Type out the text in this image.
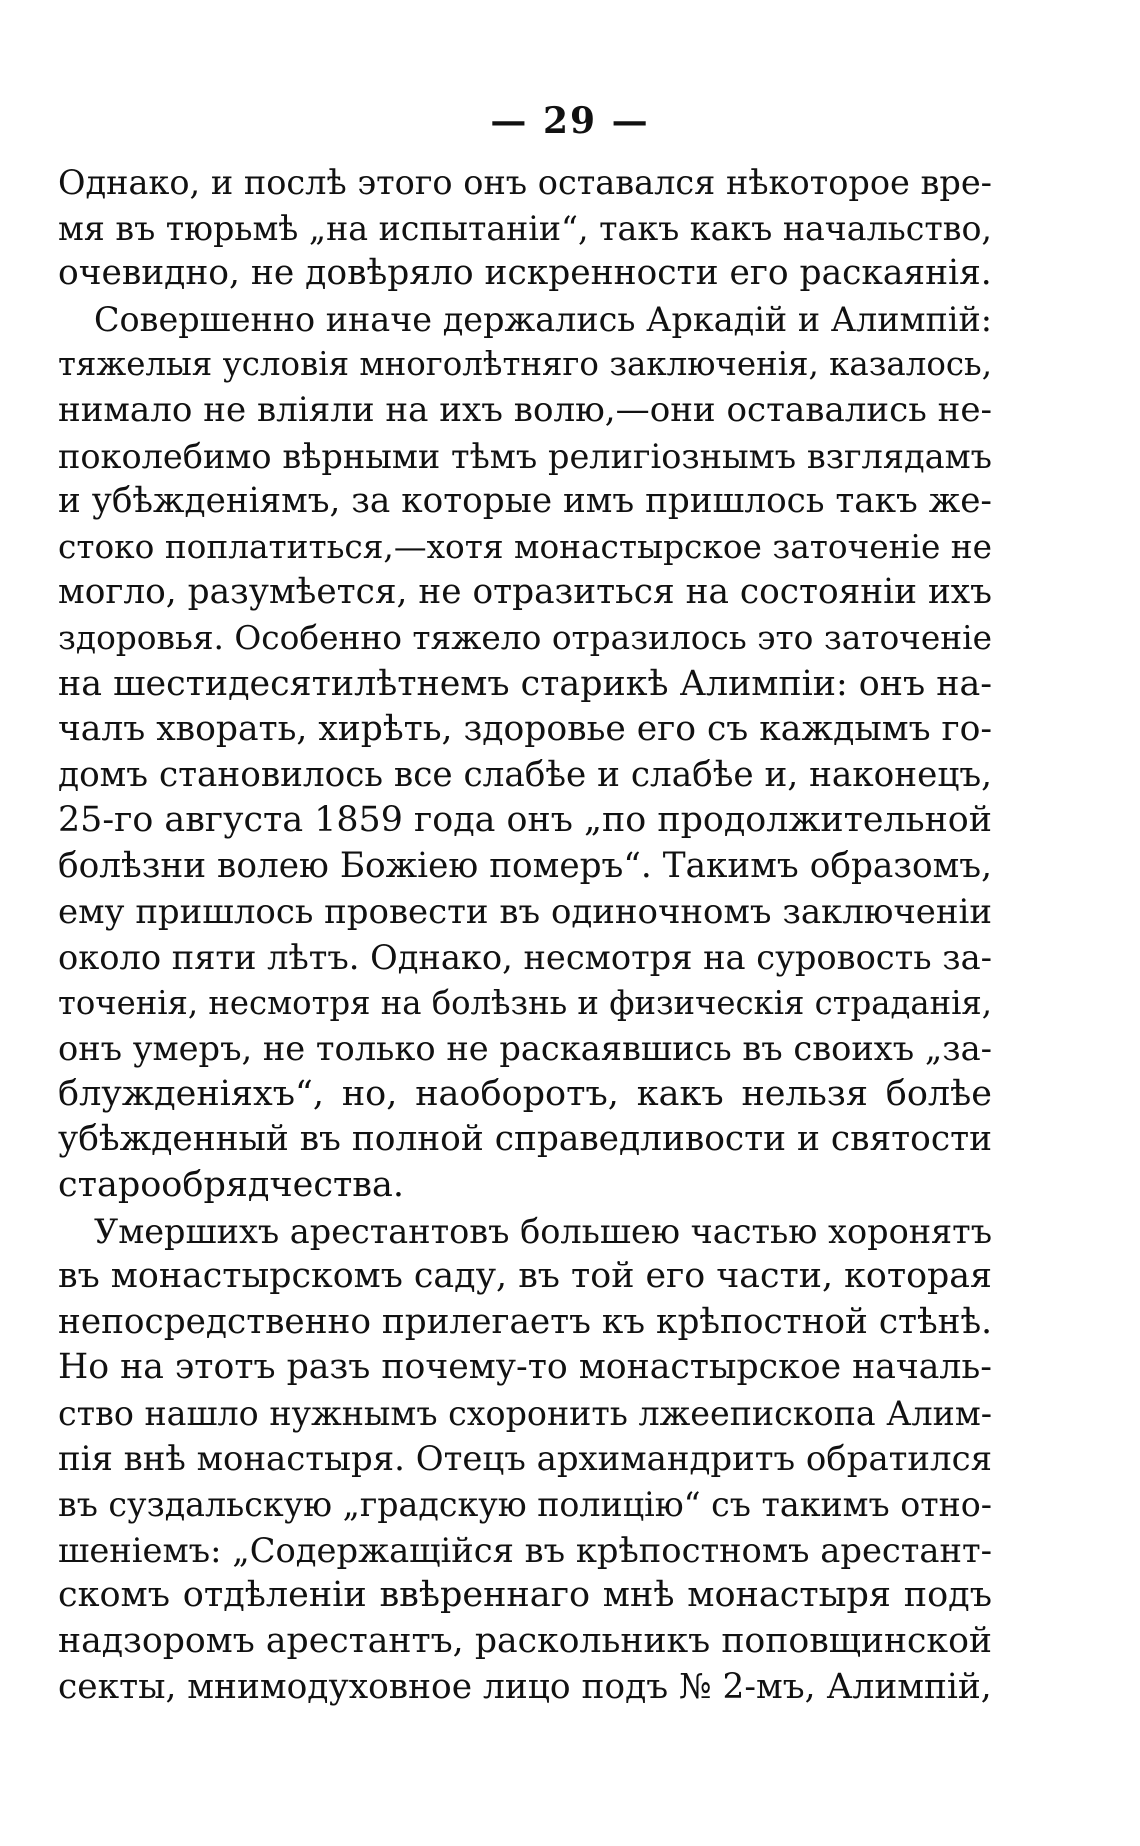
— 29 —
Однако, и послѣ этого онъ оставался нѣкоторое вре-
мя въ тюрьмѣ „на испытаніи“, такъ какъ начальство,
очевидно, не довѣряло искренности его раскаянія.
Совершенно иначе держались Аркадій и Алимпій:
тяжелыя условія многолѣтняго заключенія, казалось,
нимало не вліяли на ихъ волю,—они оставались не-
поколебимо вѣрными тѣмъ религіознымъ взглядамъ
и убѣжденіямъ, за которые имъ пришлось такъ же-
стоко поплатиться,—хотя монастырское заточеніе не
могло, разумѣется, не отразиться на состояніи ихъ
здоровья. Особенно тяжело отразилось это заточеніе
на шестидесятилѣтнемъ старикѣ Алимпіи: онъ на-
чалъ хворать, хирѣть, здоровье его съ каждымъ го-
домъ становилось все слабѣе и слабѣе и, наконецъ,
25-го августа 1859 года онъ „по продолжительной
болѣзни волею Божіею померъ“. Такимъ образомъ,
ему пришлось провести въ одиночномъ заключеніи
около пяти лѣтъ. Однако, несмотря на суровость за-
точенія, несмотря на болѣзнь и физическія страданія,
онъ умеръ, не только не раскаявшись въ своихъ „за-
блужденіяхъ“, но, наоборотъ, какъ нельзя болѣе
убѣжденный въ полной справедливости и святости
старообрядчества.
Умершихъ арестантовъ большею частью хоронятъ
въ монастырскомъ саду, въ той его части, которая
непосредственно прилегаетъ къ крѣпостной стѣнѣ.
Но на этотъ разъ почему-то монастырское началь-
ство нашло нужнымъ схоронить лжеепископа Алим-
пія внѣ монастыря. Отецъ архимандритъ обратился
въ суздальскую „градскую полицію“ съ такимъ отно-
шеніемъ: „Содержащійся въ крѣпостномъ арестант-
скомъ отдѣленіи ввѣреннаго мнѣ монастыря подъ
надзоромъ арестантъ, раскольникъ поповщинской
секты, мнимодуховное лицо подъ № 2-мъ, Алимпій,
